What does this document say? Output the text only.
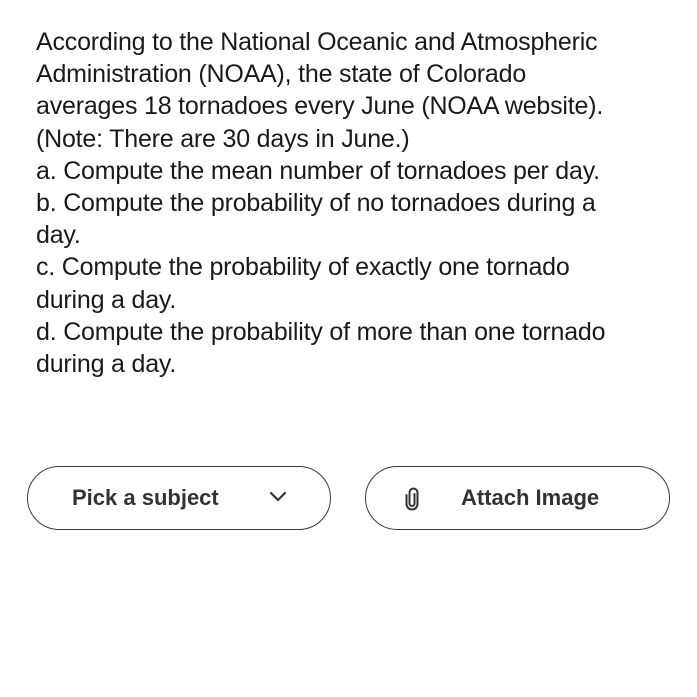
According to the National Oceanic and Atmospheric
Administration (NOAA), the state of Colorado
averages 18 tornadoes every June (NOAA website).
(Note: There are 30 days in June.)
a. Compute the mean number of tornadoes per day.
b. Compute the probability of no tornadoes during a
day.
c. Compute the probability of exactly one tornado
during a day.
d. Compute the probability of more than one tornado
during a day.
Pick a subject	Attach Image
